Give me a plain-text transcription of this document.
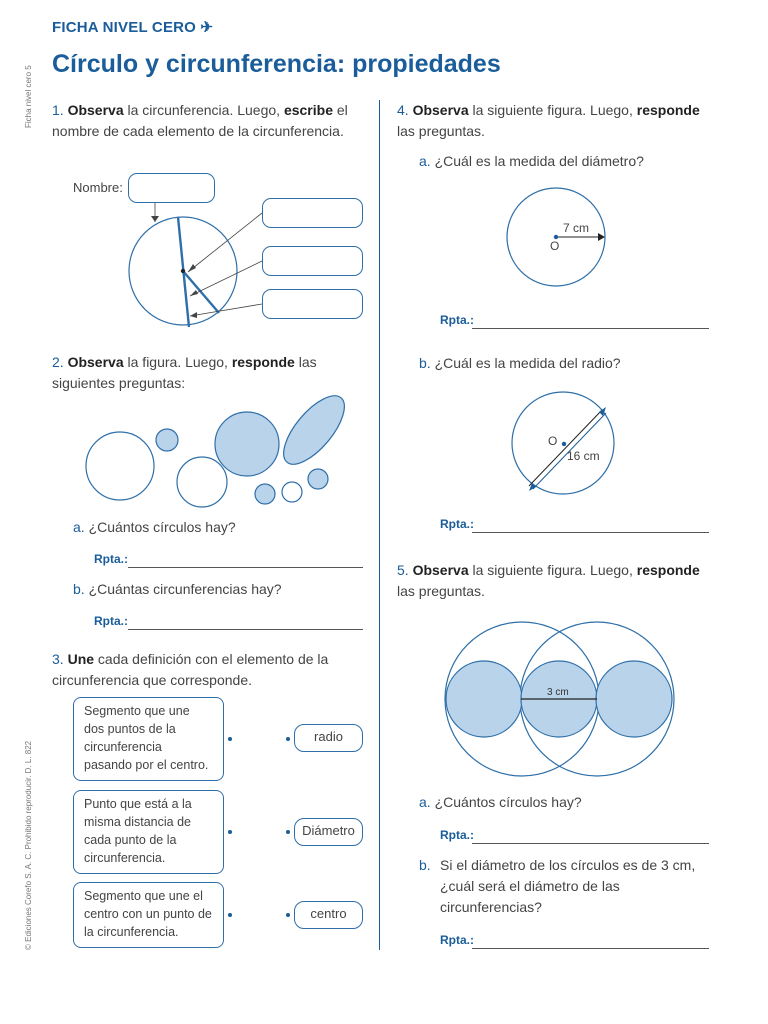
FICHA NIVEL CERO ✈
Círculo y circunferencia: propiedades
Ficha nivel cero 5
© Ediciones Corefo S. A. C. Prohibido reproducir. D. L. 822
1. Observa la circunferencia. Luego, escribe el nombre de cada elemento de la circunferencia.
Nombre:
2. Observa la figura. Luego, responde las siguientes preguntas:
a. ¿Cuántos círculos hay?
Rpta.:
b. ¿Cuántas circunferencias hay?
Rpta.:
3. Une cada definición con el elemento de la circunferencia que corresponde.
Segmento que une dos puntos de la circunferencia pasando por el centro.
Punto que está a la misma distancia de cada punto de la circunferencia.
Segmento que une el centro con un punto de la circunferencia.
radio
Diámetro
centro
4. Observa la siguiente figura. Luego, responde las preguntas.
a. ¿Cuál es la medida del diámetro?
7 cm
O
Rpta.:
b. ¿Cuál es la medida del radio?
O
16 cm
Rpta.:
5. Observa la siguiente figura. Luego, responde las preguntas.
3 cm
a. ¿Cuántos círculos hay?
Rpta.:
b. Si el diámetro de los círculos es de 3 cm, ¿cuál será el diámetro de las circunferencias?
Rpta.:
